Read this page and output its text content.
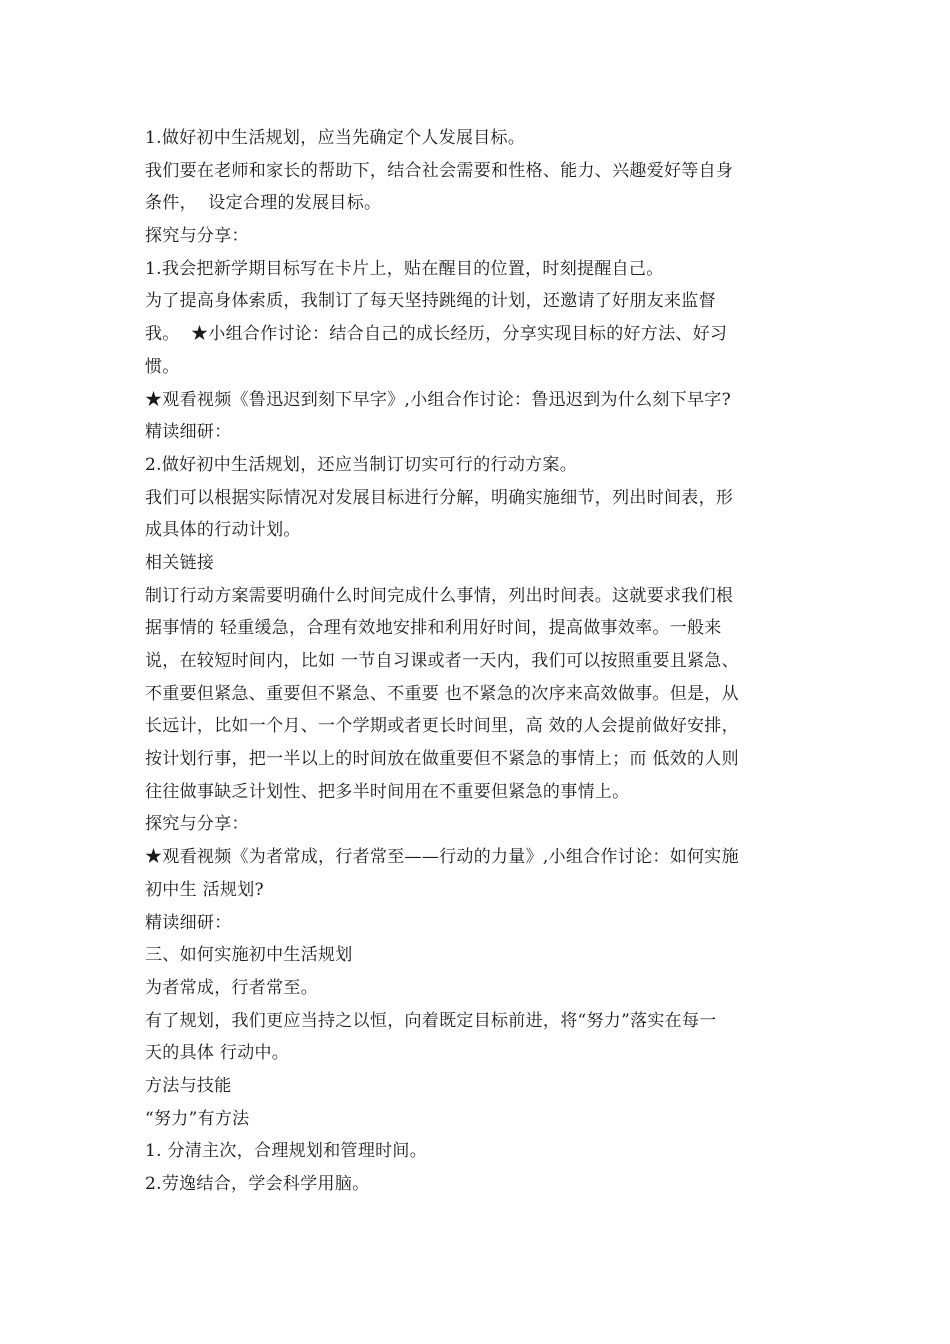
1.做好初中生活规划，应当先确定个人发展目标。
我们要在老师和家长的帮助下，结合社会需要和性格、能力、兴趣爱好等自身
条件，  设定合理的发展目标。
探究与分享：
1.我会把新学期目标写在卡片上，贴在醒目的位置，时刻提醒自己。
为了提高身体索质，我制订了每天坚持跳绳的计划，还邀请了好朋友来监督
我。  ★小组合作讨论：结合自己的成长经历，分享实现目标的好方法、好习
惯。
★观看视频《鲁迅迟到刻下早字》,小组合作讨论：鲁迅迟到为什么刻下早字?
精读细研：
2.做好初中生活规划，还应当制订切实可行的行动方案。
我们可以根据实际情况对发展目标进行分解，明确实施细节，列出时间表，形
成具体的行动计划。
相关链接
制订行动方案需要明确什么时间完成什么事情，列出时间表。这就要求我们根
据事情的 轻重缓急，合理有效地安排和利用好时间，提高做事效率。一般来
说，在较短时间内，比如 一节自习课或者一天内，我们可以按照重要且紧急、
不重要但紧急、重要但不紧急、不重要 也不紧急的次序来高效做事。但是，从
长远计，比如一个月、一个学期或者更长时间里，高 效的人会提前做好安排，
按计划行事，把一半以上的时间放在做重要但不紧急的事情上；而 低效的人则
往往做事缺乏计划性、把多半时间用在不重要但紧急的事情上。
探究与分享：
★观看视频《为者常成，行者常至——行动的力量》,小组合作讨论：如何实施
初中生 活规划?
精读细研：
三、如何实施初中生活规划
为者常成，行者常至。
有了规划，我们更应当持之以恒，向着既定目标前进，将“努力”落实在每一
天的具体 行动中。
方法与技能
“努力”有方法
1. 分清主次，合理规划和管理时间。
2.劳逸结合，学会科学用脑。
